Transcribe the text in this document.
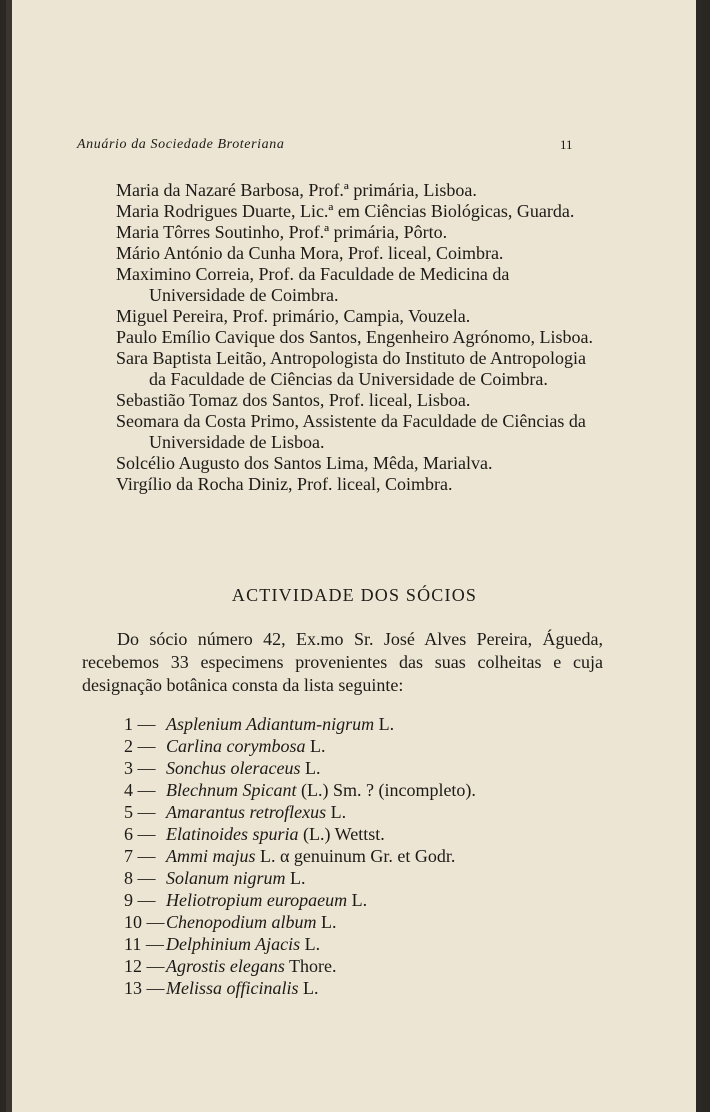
Anuário da Sociedade Broteriana	11

Maria da Nazaré Barbosa, Prof.ª primária, Lisboa.

Maria Rodrigues Duarte, Lic.ª em Ciências Biológicas, Guarda.

Maria Tôrres Soutinho, Prof.ª primária, Pôrto.

Mário António da Cunha Mora, Prof. liceal, Coimbra.

Maximino Correia, Prof. da Faculdade de Medicina da Universidade de Coimbra.

Miguel Pereira, Prof. primário, Campia, Vouzela.

Paulo Emílio Cavique dos Santos, Engenheiro Agrónomo, Lisboa.

Sara Baptista Leitão, Antropologista do Instituto de Antropologia da Faculdade de Ciências da Universidade de Coimbra.

Sebastião Tomaz dos Santos, Prof. liceal, Lisboa.

Seomara da Costa Primo, Assistente da Faculdade de Ciências da Universidade de Lisboa.

Solcélio Augusto dos Santos Lima, Mêda, Marialva.

Virgílio da Rocha Diniz, Prof. liceal, Coimbra.

ACTIVIDADE DOS SÓCIOS

Do sócio número 42, Ex.mo Sr. José Alves Pereira, Águeda, recebemos 33 especimens provenientes das suas colheitas e cuja designação botânica consta da lista seguinte:

1 — Asplenium Adiantum-nigrum L.
2 — Carlina corymbosa L.
3 — Sonchus oleraceus L.
4 — Blechnum Spicant (L.) Sm. ? (incompleto).
5 — Amarantus retroflexus L.
6 — Elatinoides spuria (L.) Wettst.
7 — Ammi majus L. α genuinum Gr. et Godr.
8 — Solanum nigrum L.
9 — Heliotropium europaeum L.
10 —Chenopodium album L.
11 — Delphinium Ajacis L.
12 —Agrostis elegans Thore.
13 —Melissa officinalis L.
